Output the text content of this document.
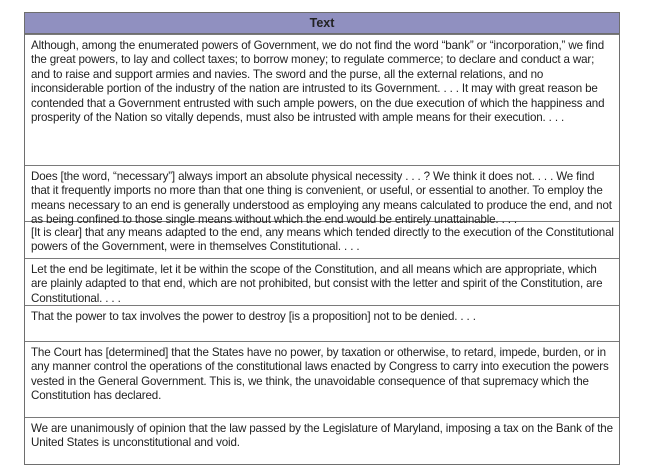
Text
Although, among the enumerated powers of Government, we do not find the word “bank” or “incorporation,” we find the great powers, to lay and collect taxes; to borrow money; to regulate commerce; to declare and conduct a war; and to raise and support armies and navies. The sword and the purse, all the external relations, and no inconsiderable portion of the industry of the nation are intrusted to its Government. . . . It may with great reason be contended that a Government entrusted with such ample powers, on the due execution of which the happiness and prosperity of the Nation so vitally depends, must also be intrusted with ample means for their execution. . . .
Does [the word, “necessary”] always import an absolute physical necessity . . . ? We think it does not. . . . We find that it frequently imports no more than that one thing is convenient, or useful, or essential to another. To employ the means necessary to an end is generally understood as employing any means calculated to produce the end, and not as being confined to those single means without which the end would be entirely unattainable. . . .
[It is clear] that any means adapted to the end, any means which tended directly to the execution of the Constitutional powers of the Government, were in themselves Constitutional. . . .
Let the end be legitimate, let it be within the scope of the Constitution, and all means which are appropriate, which are plainly adapted to that end, which are not prohibited, but consist with the letter and spirit of the Constitution, are Constitutional. . . .
That the power to tax involves the power to destroy [is a proposition] not to be denied. . . .
The Court has [determined] that the States have no power, by taxation or otherwise, to retard, impede, burden, or in any manner control the operations of the constitutional laws enacted by Congress to carry into execution the powers vested in the General Government. This is, we think, the unavoidable consequence of that supremacy which the Constitution has declared.
We are unanimously of opinion that the law passed by the Legislature of Maryland, imposing a tax on the Bank of the United States is unconstitutional and void.
